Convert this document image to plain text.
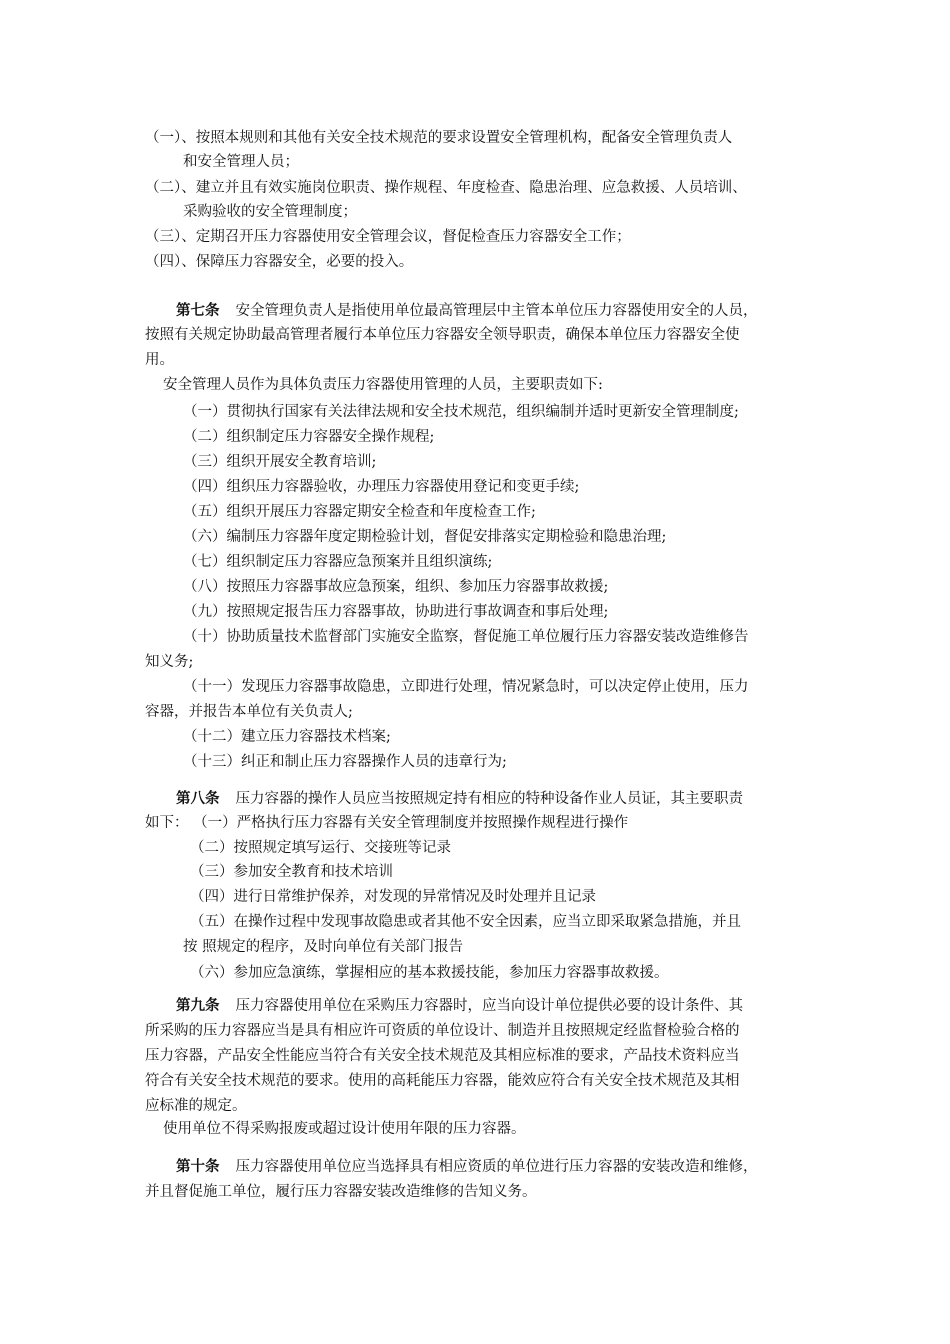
（一）、按照本规则和其他有关安全技术规范的要求设置安全管理机构，配备安全管理负责人
和安全管理人员；
（二）、建立并且有效实施岗位职责、操作规程、年度检查、隐患治理、应急救援、人员培训、
采购验收的安全管理制度；
（三）、定期召开压力容器使用安全管理会议，督促检查压力容器安全工作；
（四）、保障压力容器安全，必要的投入。
第七条 安全管理负责人是指使用单位最高管理层中主管本单位压力容器使用安全的人员，
按照有关规定协助最高管理者履行本单位压力容器安全领导职责，确保本单位压力容器安全使
用。
安全管理人员作为具体负责压力容器使用管理的人员，主要职责如下:
（一）贯彻执行国家有关法律法规和安全技术规范，组织编制并适时更新安全管理制度;
（二）组织制定压力容器安全操作规程;
（三）组织开展安全教育培训;
（四）组织压力容器验收，办理压力容器使用登记和变更手续;
（五）组织开展压力容器定期安全检查和年度检查工作;
（六）编制压力容器年度定期检验计划，督促安排落实定期检验和隐患治理;
（七）组织制定压力容器应急预案并且组织演练;
（八）按照压力容器事故应急预案，组织、参加压力容器事故救援;
（九）按照规定报告压力容器事故，协助进行事故调查和事后处理;
（十）协助质量技术监督部门实施安全监察，督促施工单位履行压力容器安装改造维修告
知义务;
（十一）发现压力容器事故隐患，立即进行处理，情况紧急时，可以决定停止使用，压力
容器，并报告本单位有关负责人;
（十二）建立压力容器技术档案;
（十三）纠正和制止压力容器操作人员的违章行为;
第八条 压力容器的操作人员应当按照规定持有相应的特种设备作业人员证，其主要职责
如下： （一）严格执行压力容器有关安全管理制度并按照操作规程进行操作
（二）按照规定填写运行、交接班等记录
（三）参加安全教育和技术培训
（四）进行日常维护保养，对发现的异常情况及时处理并且记录
（五）在操作过程中发现事故隐患或者其他不安全因素，应当立即采取紧急措施，并且
按 照规定的程序，及时向单位有关部门报告
（六）参加应急演练，掌握相应的基本救援技能，参加压力容器事故救援。
第九条 压力容器使用单位在采购压力容器时，应当向设计单位提供必要的设计条件、其
所采购的压力容器应当是具有相应许可资质的单位设计、制造并且按照规定经监督检验合格的
压力容器，产品安全性能应当符合有关安全技术规范及其相应标准的要求，产品技术资料应当
符合有关安全技术规范的要求。使用的高耗能压力容器，能效应符合有关安全技术规范及其相
应标准的规定。
使用单位不得采购报废或超过设计使用年限的压力容器。
第十条 压力容器使用单位应当选择具有相应资质的单位进行压力容器的安装改造和维修，
并且督促施工单位，履行压力容器安装改造维修的告知义务。
